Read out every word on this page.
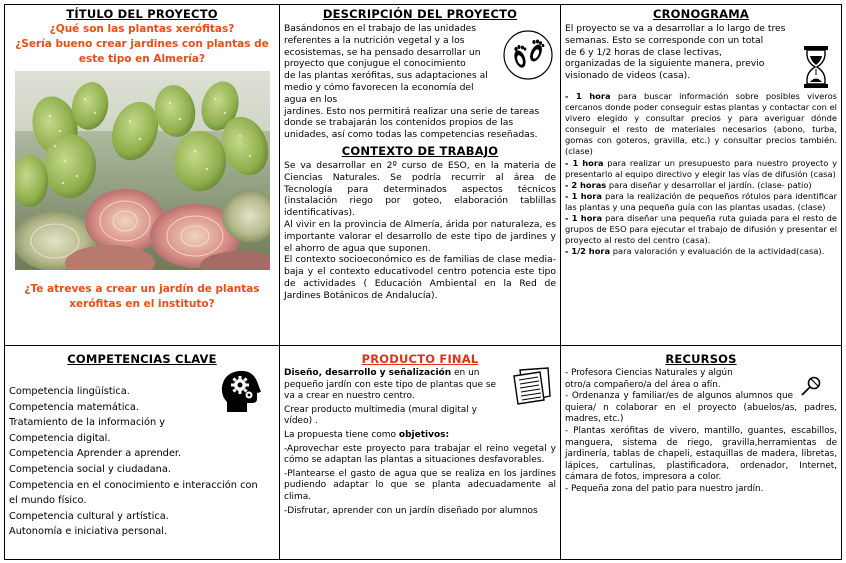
TÍTULO DEL PROYECTO
¿Qué son las plantas xerófitas?
¿Sería bueno crear jardines con plantas de
este tipo en Almería?
¿Te atreves a crear un jardín de plantas
xerófitas en el instituto?
DESCRIPCIÓN DEL PROYECTO
Basándonos en el trabajo de las unidades
referentes a la nutrición vegetal y a los
ecosistemas, se ha pensado desarrollar un
proyecto que conjugue el conocimiento
de las plantas xerófitas, sus adaptaciones al
medio y cómo favorecen la economía del agua en los
jardines. Esto nos permitirá realizar una serie de tareas
donde se trabajarán los contenidos propios de las
unidades, así como todas las competencias reseñadas.
CONTEXTO DE TRABAJO

Se va desarrollar en 2º curso de ESO, en la materia de Ciencias Naturales. Se podría recurrir al área de Tecnología para determinados aspectos técnicos (instalación riego por goteo, elaboración tablillas identificativas).

Al vivir en la provincia de Almería, árida por naturaleza, es importante valorar el desarrollo de este tipo de jardines y el ahorro de agua que suponen.

El contexto socioeconómico es de familias de clase media- baja y el contexto educativodel centro potencia este tipo de actividades ( Educación Ambiental en la Red de Jardines Botánicos de Andalucía).

CRONOGRAMA
El proyecto se va a desarrollar a lo largo de tres
semanas. Esto se corresponde con un total
de 6 y 1/2 horas de clase lectivas,
organizadas de la siguiente manera, previo
visionado de videos (casa).

- 1 hora para buscar información sobre posibles viveros cercanos donde poder conseguir estas plantas y contactar con el vivero elegido y consultar precios y para averiguar dónde conseguir el resto de materiales necesarios (abono, turba, gomas con goteros, gravilla, etc.) y consultar precios también. (clase)

- 1 hora para realizar un presupuesto para nuestro proyecto y presentarlo al equipo directivo y elegir las vías de difusión (casa)

- 2 horas para diseñar y desarrollar el jardín. (clase- patio)

- 1 hora para la realización de pequeños rótulos para identificar las plantas y una pequeña guía con las plantas usadas. (clase)

- 1 hora para diseñar una pequeña ruta guiada para el resto de grupos de ESO para ejecutar el trabajo de difusión y presentar el proyecto al resto del centro (casa).

- 1/2 hora para valoración y evaluación de la actividad(casa).

COMPETENCIAS CLAVE
Competencia lingüística.
Competencia matemática.
Tratamiento de la información y
Competencia digital.
Competencia Aprender a aprender.
Competencia social y ciudadana.
Competencia en el conocimiento e interacción con
el mundo físico.
Competencia cultural y artística.
Autonomía e iniciativa personal.
PRODUCTO FINAL

Diseño, desarrollo y señalización en un pequeño jardín con este tipo de plantas que se va a crear en nuestro centro.

Crear producto multimedia (mural digital y vídeo) .

La propuesta tiene como objetivos:

-Aprovechar este proyecto para trabajar el reino vegetal y cómo se adaptan las plantas a situaciones desfavorables.

-Plantearse el gasto de agua que se realiza en los jardines pudiendo adaptar lo que se planta adecuadamente al clima.

-Disfrutar, aprender con un jardín diseñado por alumnos

RECURSOS
- Profesora Ciencias Naturales y algún
otro/a compañero/a del área o afín.

- Ordenanza y familiar/es de algunos alumnos que quiera/ n colaborar en el proyecto (abuelos/as, padres, madres, etc.)

- Plantas xerófitas de vivero, mantillo, guantes, escabillos, manguera, sistema de riego, gravilla,herramientas de jardinería, tablas de chapeli, estaquillas de madera, libretas, lápices, cartulinas, plastificadora, ordenador, Internet, cámara de fotos, impresora a color.

- Pequeña zona del patio para nuestro jardín.
